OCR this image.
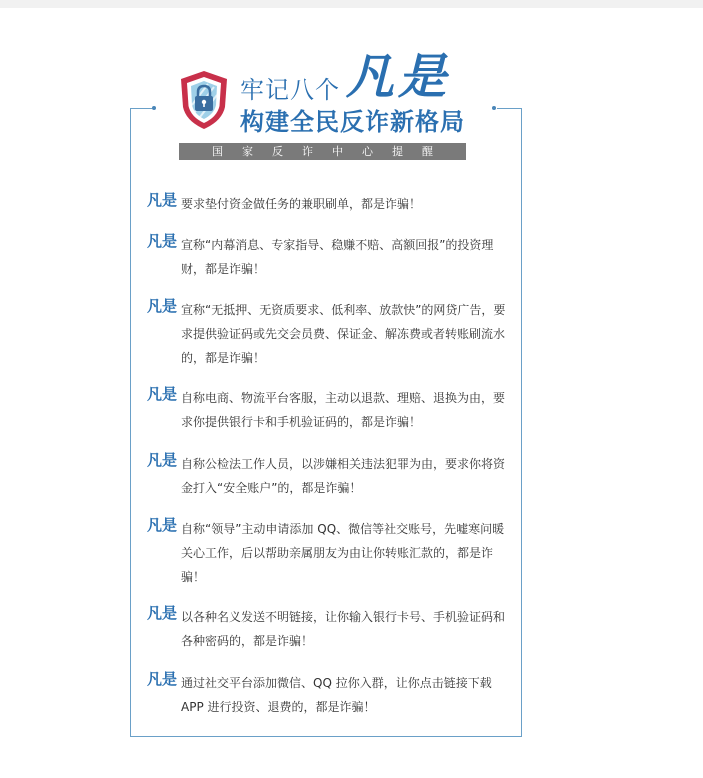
牢记八个 凡是
构建全民反诈新格局
国家反诈中心提醒
凡是 要求垫付资金做任务的兼职刷单，都是诈骗！
凡是 宣称“内幕消息、专家指导、稳赚不赔、高额回报”的投资理财，都是诈骗！
凡是 宣称“无抵押、无资质要求、低利率、放款快”的网贷广告，要求提供验证码或先交会员费、保证金、解冻费或者转账刷流水的，都是诈骗！
凡是 自称电商、物流平台客服，主动以退款、理赔、退换为由，要求你提供银行卡和手机验证码的，都是诈骗！
凡是 自称公检法工作人员，以涉嫌相关违法犯罪为由，要求你将资金打入“安全账户”的，都是诈骗！
凡是 自称“领导”主动申请添加 QQ、微信等社交账号，先嘘寒问暖关心工作，后以帮助亲属朋友为由让你转账汇款的，都是诈骗！
凡是 以各种名义发送不明链接，让你输入银行卡号、手机验证码和各种密码的，都是诈骗！
凡是 通过社交平台添加微信、QQ 拉你入群，让你点击链接下载 APP 进行投资、退费的，都是诈骗！
